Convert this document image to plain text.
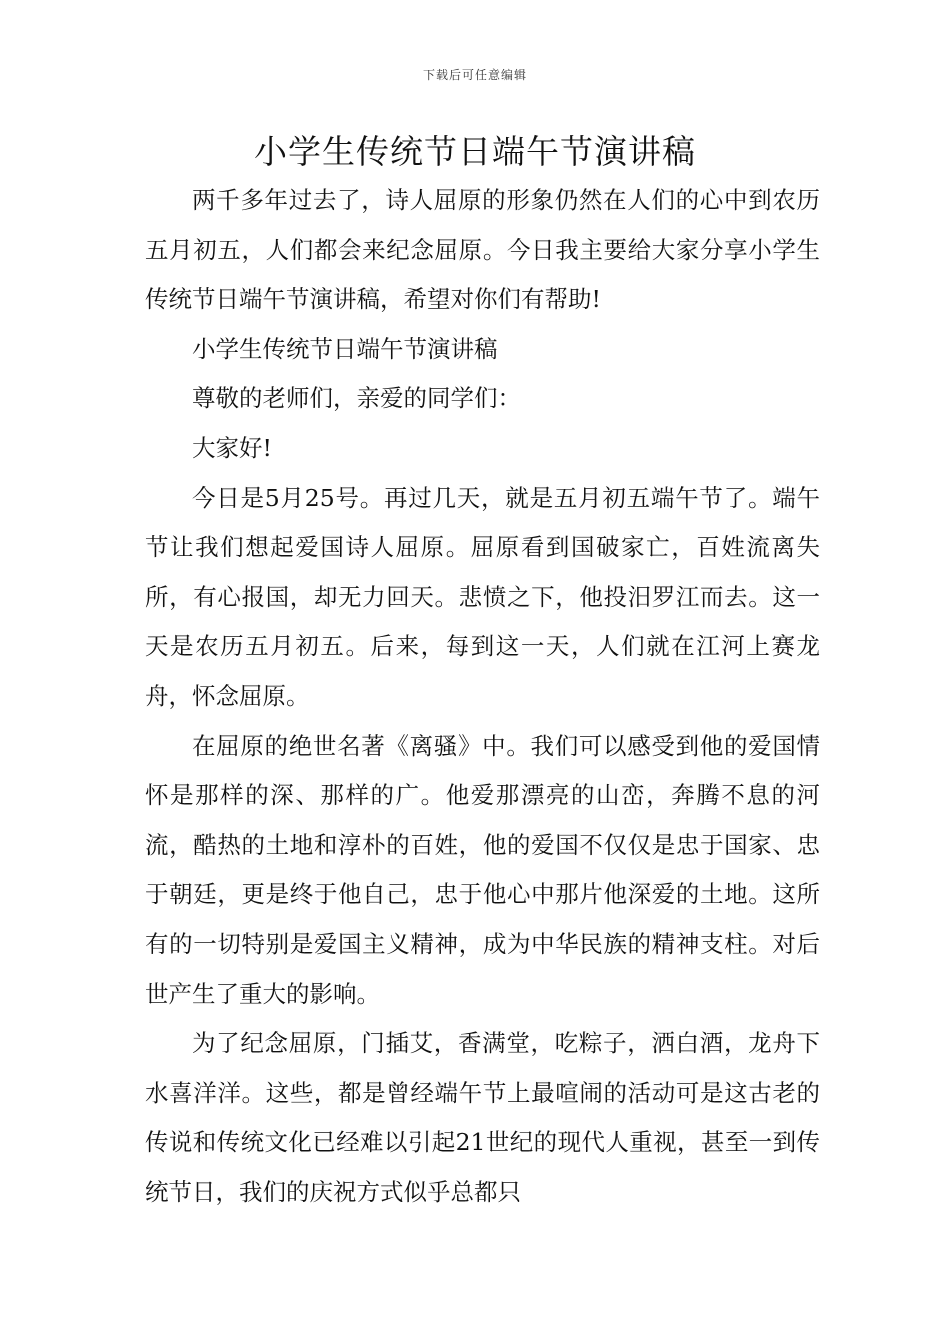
下载后可任意编辑
小学生传统节日端午节演讲稿

两千多年过去了，诗人屈原的形象仍然在人们的心中到农历五月初五，人们都会来纪念屈原。今日我主要给大家分享小学生传统节日端午节演讲稿，希望对你们有帮助!

小学生传统节日端午节演讲稿

尊敬的老师们，亲爱的同学们：

大家好!

今日是5月25号。再过几天，就是五月初五端午节了。端午节让我们想起爱国诗人屈原。屈原看到国破家亡，百姓流离失所，有心报国，却无力回天。悲愤之下，他投汨罗江而去。这一天是农历五月初五。后来，每到这一天，人们就在江河上赛龙舟，怀念屈原。

在屈原的绝世名著《离骚》中。我们可以感受到他的爱国情怀是那样的深、那样的广。他爱那漂亮的山峦，奔腾不息的河流，酷热的土地和淳朴的百姓，他的爱国不仅仅是忠于国家、忠于朝廷，更是终于他自己，忠于他心中那片他深爱的土地。这所有的一切特别是爱国主义精神，成为中华民族的精神支柱。对后世产生了重大的影响。

为了纪念屈原，门插艾，香满堂，吃粽子，洒白酒，龙舟下水喜洋洋。这些，都是曾经端午节上最喧闹的活动可是这古老的传说和传统文化已经难以引起21世纪的现代人重视，甚至一到传统节日，我们的庆祝方式似乎总都只
